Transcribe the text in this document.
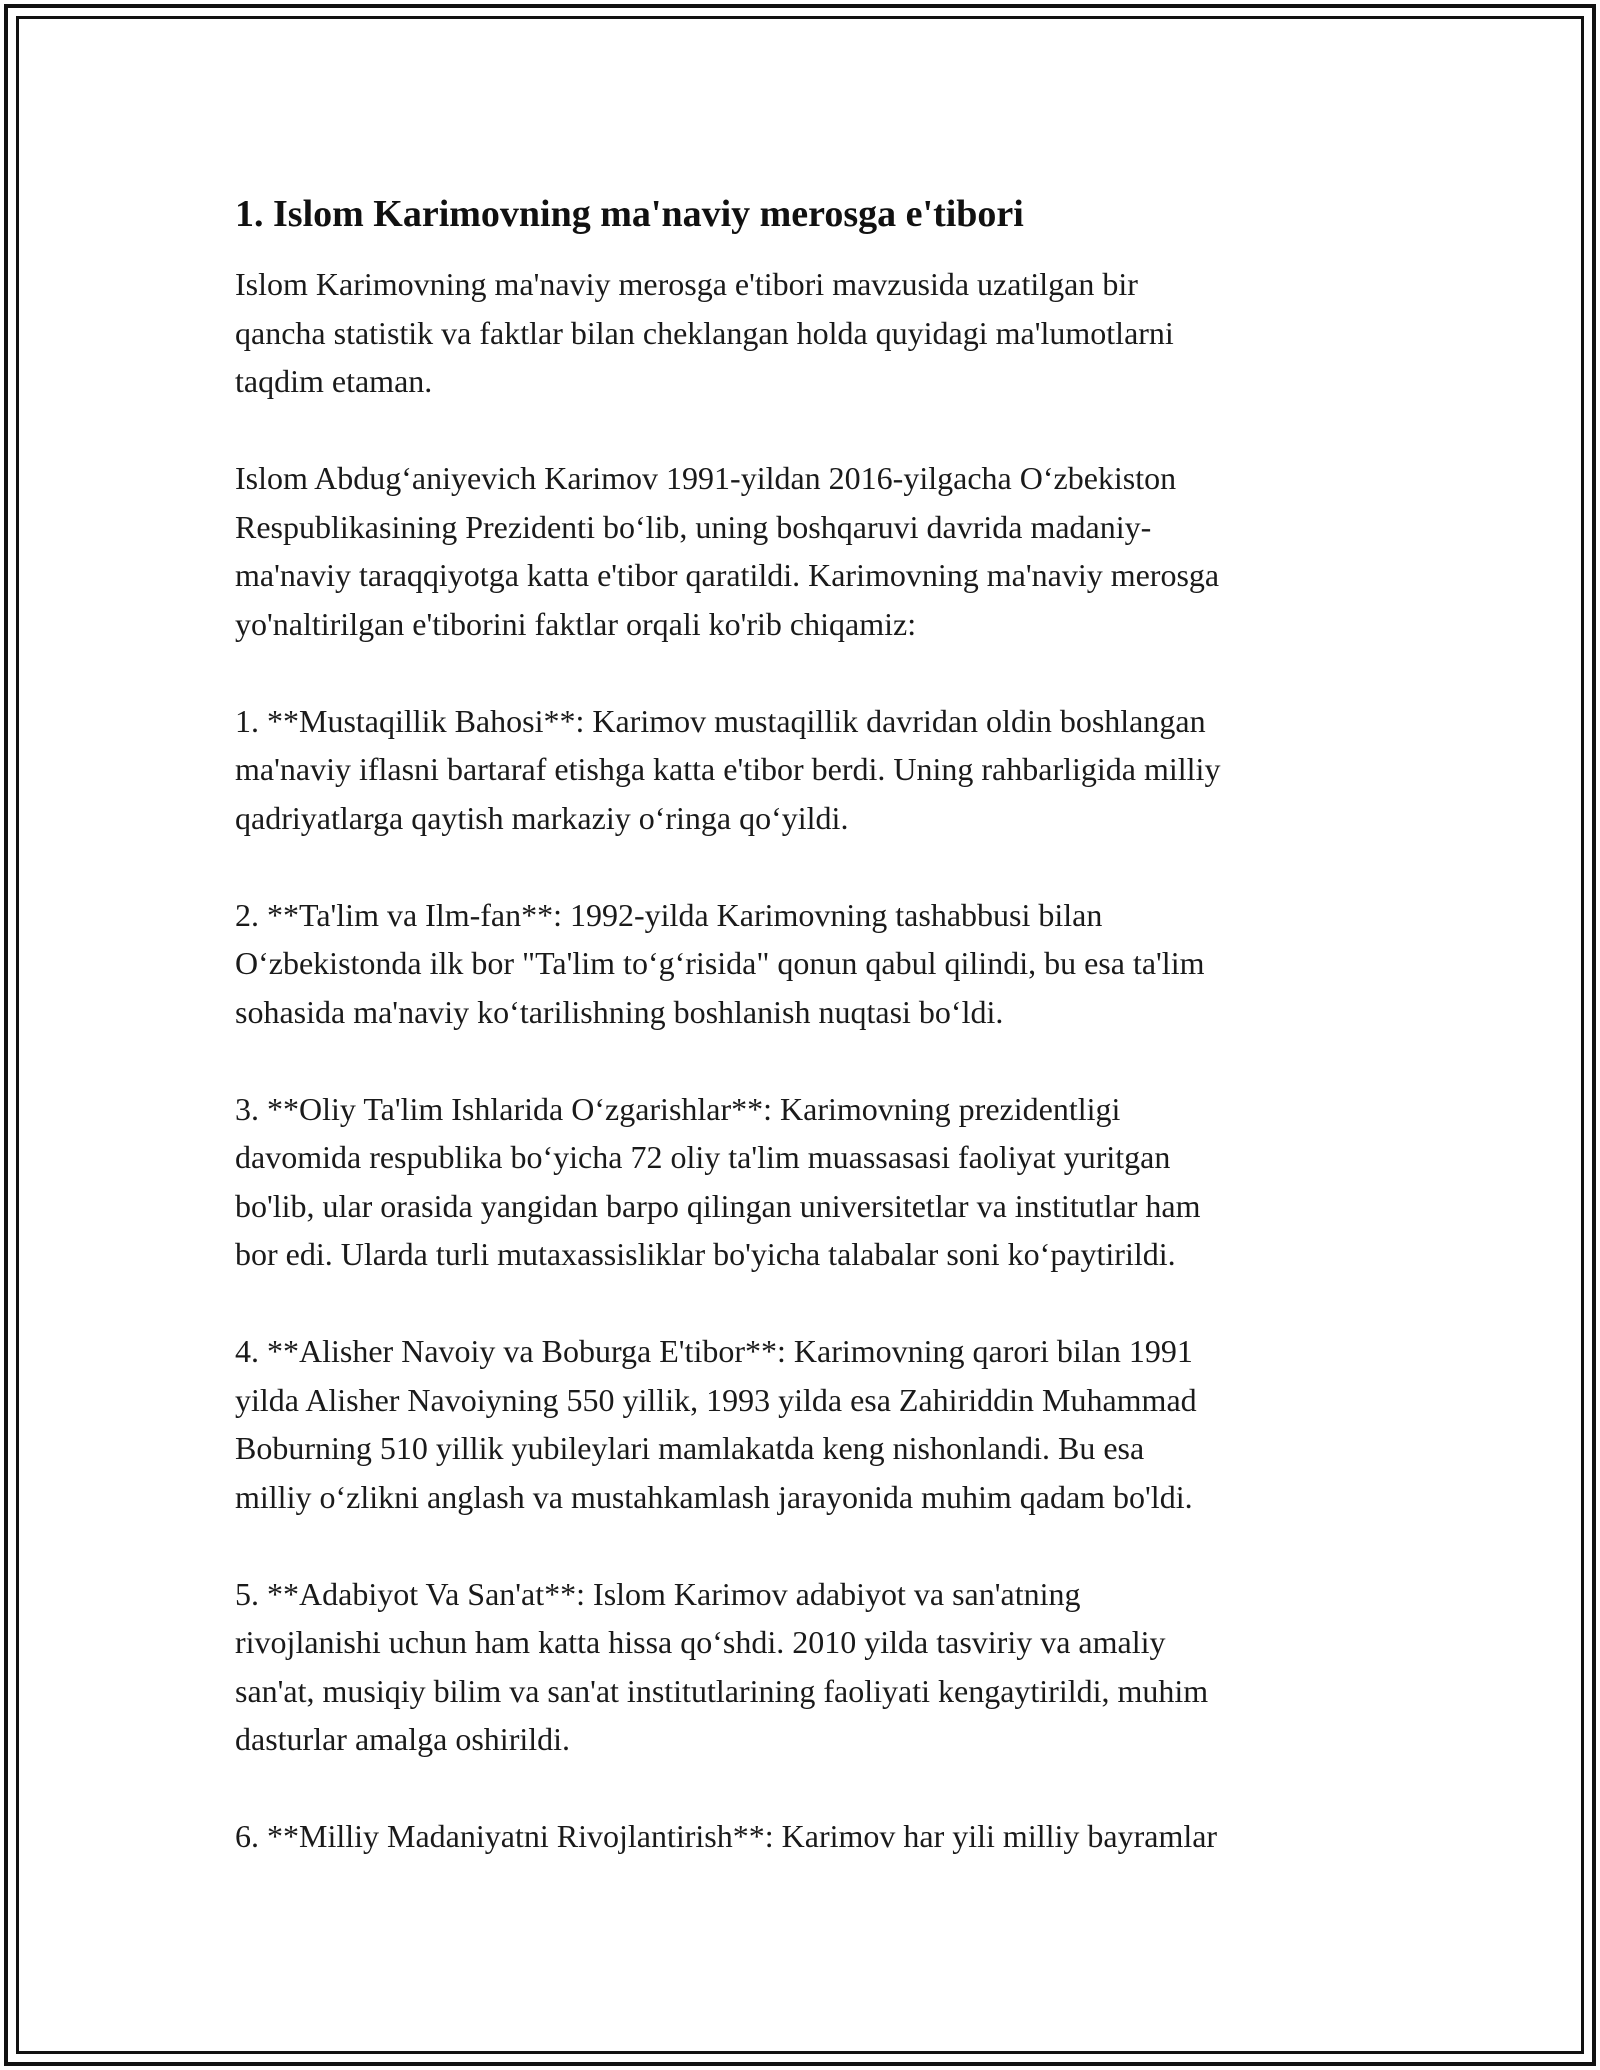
1. Islom Karimovning ma'naviy merosga e'tibori

Islom Karimovning ma'naviy merosga e'tibori mavzusida uzatilgan bir
qancha statistik va faktlar bilan cheklangan holda quyidagi ma'lumotlarni
taqdim etaman.

Islom Abdug‘aniyevich Karimov 1991-yildan 2016-yilgacha O‘zbekiston
Respublikasining Prezidenti bo‘lib, uning boshqaruvi davrida madaniy-
ma'naviy taraqqiyotga katta e'tibor qaratildi. Karimovning ma'naviy merosga
yo'naltirilgan e'tiborini faktlar orqali ko'rib chiqamiz:

1. **Mustaqillik Bahosi**: Karimov mustaqillik davridan oldin boshlangan
ma'naviy iflasni bartaraf etishga katta e'tibor berdi. Uning rahbarligida milliy
qadriyatlarga qaytish markaziy o‘ringa qo‘yildi.

2. **Ta'lim va Ilm-fan**: 1992-yilda Karimovning tashabbusi bilan
O‘zbekistonda ilk bor "Ta'lim to‘g‘risida" qonun qabul qilindi, bu esa ta'lim
sohasida ma'naviy ko‘tarilishning boshlanish nuqtasi bo‘ldi.

3. **Oliy Ta'lim Ishlarida O‘zgarishlar**: Karimovning prezidentligi
davomida respublika bo‘yicha 72 oliy ta'lim muassasasi faoliyat yuritgan
bo'lib, ular orasida yangidan barpo qilingan universitetlar va institutlar ham
bor edi. Ularda turli mutaxassisliklar bo'yicha talabalar soni ko‘paytirildi.

4. **Alisher Navoiy va Boburga E'tibor**: Karimovning qarori bilan 1991
yilda Alisher Navoiyning 550 yillik, 1993 yilda esa Zahiriddin Muhammad
Boburning 510 yillik yubileylari mamlakatda keng nishonlandi. Bu esa
milliy o‘zlikni anglash va mustahkamlash jarayonida muhim qadam bo'ldi.

5. **Adabiyot Va San'at**: Islom Karimov adabiyot va san'atning
rivojlanishi uchun ham katta hissa qo‘shdi. 2010 yilda tasviriy va amaliy
san'at, musiqiy bilim va san'at institutlarining faoliyati kengaytirildi, muhim
dasturlar amalga oshirildi.

6. **Milliy Madaniyatni Rivojlantirish**: Karimov har yili milliy bayramlar
